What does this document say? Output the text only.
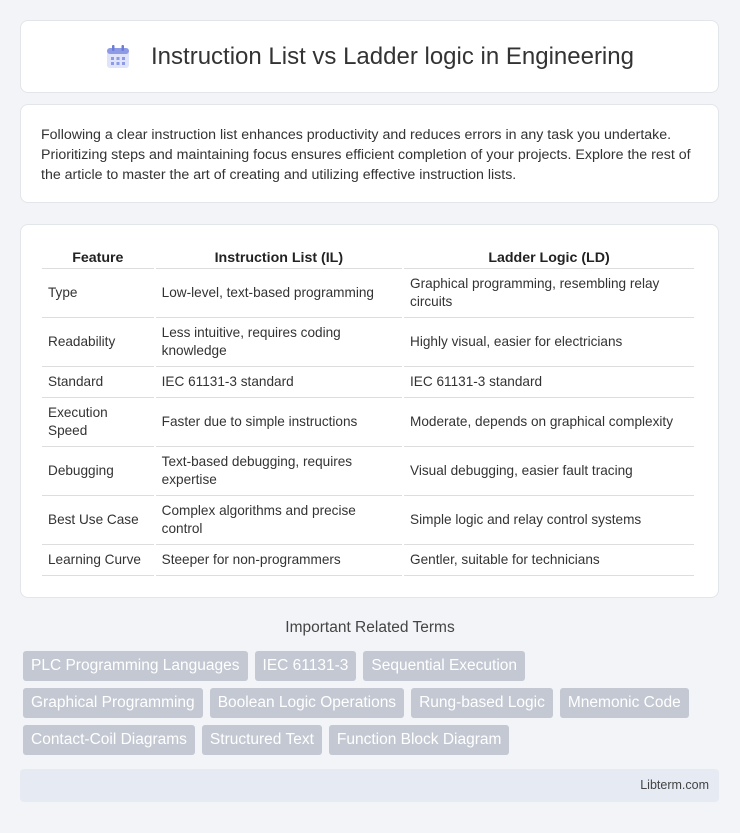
Instruction List vs Ladder logic in Engineering

Following a clear instruction list enhances productivity and reduces errors in any task you undertake. Prioritizing steps and maintaining focus ensures efficient completion of your projects. Explore the rest of the article to master the art of creating and utilizing effective instruction lists.

Feature	Instruction List (IL)	Ladder Logic (LD)
Type	Low-level, text-based programming	Graphical programming, resembling relay circuits
Readability	Less intuitive, requires coding knowledge	Highly visual, easier for electricians
Standard	IEC 61131-3 standard	IEC 61131-3 standard
Execution Speed	Faster due to simple instructions	Moderate, depends on graphical complexity
Debugging	Text-based debugging, requires expertise	Visual debugging, easier fault tracing
Best Use Case	Complex algorithms and precise control	Simple logic and relay control systems
Learning Curve	Steeper for non-programmers	Gentler, suitable for technicians
Important Related Terms
PLC Programming Languages	IEC 61131-3	Sequential Execution
Graphical Programming	Boolean Logic Operations	Rung-based Logic	Mnemonic Code
Contact-Coil Diagrams	Structured Text	Function Block Diagram
Libterm.com
